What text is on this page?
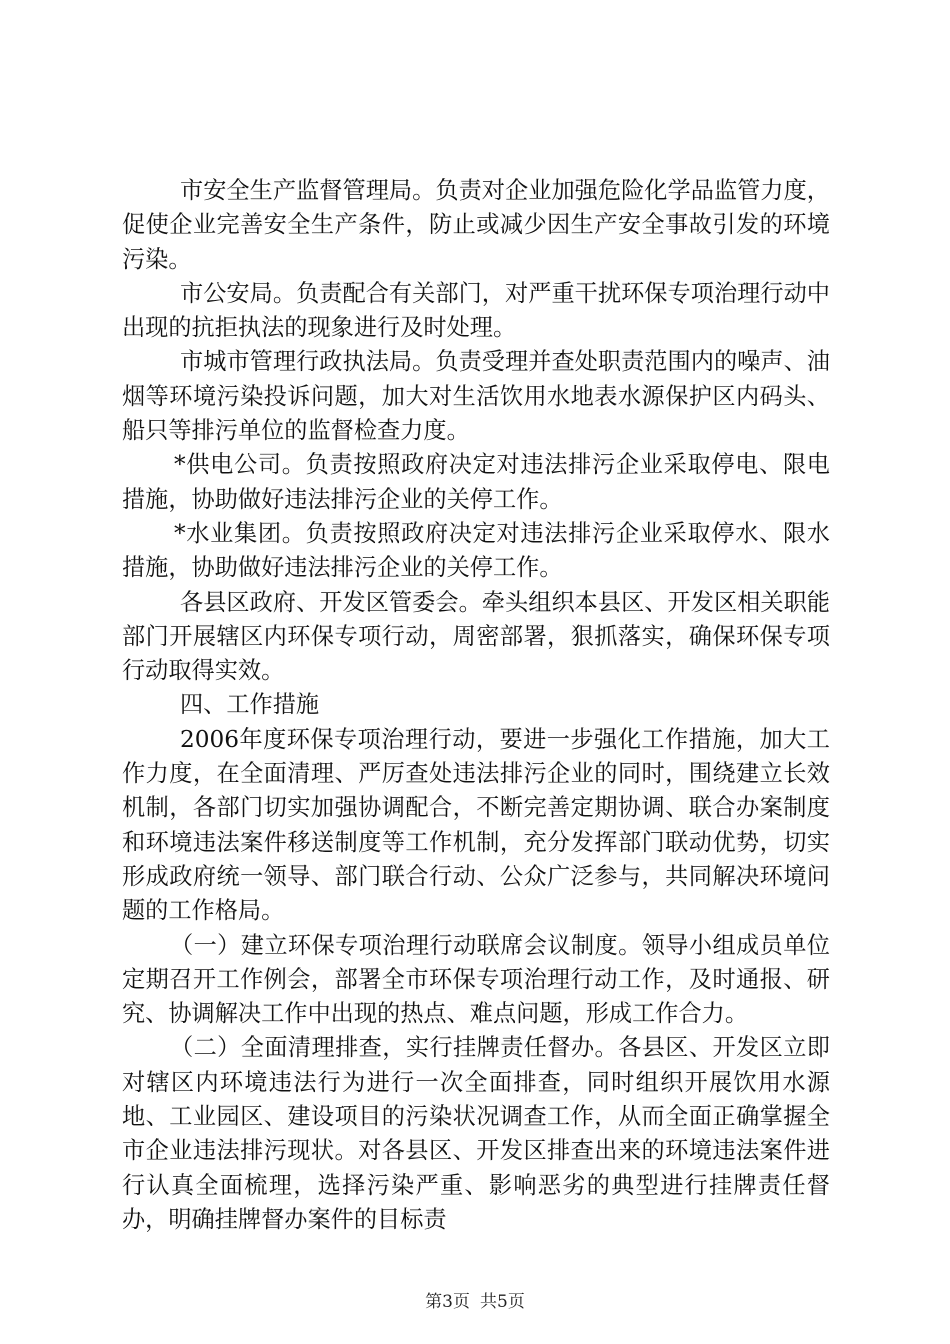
市安全生产监督管理局。负责对企业加强危险化学品监管力度，促使企业完善安全生产条件，防止或减少因生产安全事故引发的环境污染。

市公安局。负责配合有关部门，对严重干扰环保专项治理行动中出现的抗拒执法的现象进行及时处理。

市城市管理行政执法局。负责受理并查处职责范围内的噪声、油烟等环境污染投诉问题，加大对生活饮用水地表水源保护区内码头、船只等排污单位的监督检查力度。

*供电公司。负责按照政府决定对违法排污企业采取停电、限电措施，协助做好违法排污企业的关停工作。

*水业集团。负责按照政府决定对违法排污企业采取停水、限水措施，协助做好违法排污企业的关停工作。

各县区政府、开发区管委会。牵头组织本县区、开发区相关职能部门开展辖区内环保专项行动，周密部署，狠抓落实，确保环保专项行动取得实效。

四、工作措施

2006年度环保专项治理行动，要进一步强化工作措施，加大工作力度，在全面清理、严厉查处违法排污企业的同时，围绕建立长效机制，各部门切实加强协调配合，不断完善定期协调、联合办案制度和环境违法案件移送制度等工作机制，充分发挥部门联动优势，切实形成政府统一领导、部门联合行动、公众广泛参与，共同解决环境问题的工作格局。

（一）建立环保专项治理行动联席会议制度。领导小组成员单位定期召开工作例会，部署全市环保专项治理行动工作，及时通报、研究、协调解决工作中出现的热点、难点问题，形成工作合力。

（二）全面清理排查，实行挂牌责任督办。各县区、开发区立即对辖区内环境违法行为进行一次全面排查，同时组织开展饮用水源地、工业园区、建设项目的污染状况调查工作，从而全面正确掌握全市企业违法排污现状。对各县区、开发区排查出来的环境违法案件进行认真全面梳理，选择污染严重、影响恶劣的典型进行挂牌责任督办，明确挂牌督办案件的目标责

第3页 共5页
